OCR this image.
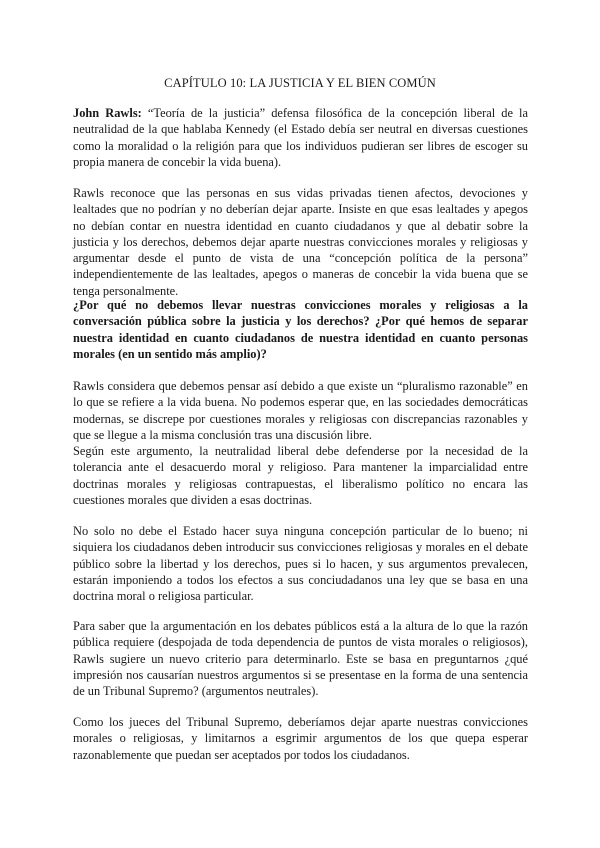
CAPÍTULO 10: LA JUSTICIA Y EL BIEN COMÚN

John Rawls: “Teoría de la justicia” defensa filosófica de la concepción liberal de la neutralidad de la que hablaba Kennedy (el Estado debía ser neutral en diversas cuestiones como la moralidad o la religión para que los individuos pudieran ser libres de escoger su propia manera de concebir la vida buena).

Rawls reconoce que las personas en sus vidas privadas tienen afectos, devociones y lealtades que no podrían y no deberían dejar aparte. Insiste en que esas lealtades y apegos no debían contar en nuestra identidad en cuanto ciudadanos y que al debatir sobre la justicia y los derechos, debemos dejar aparte nuestras convicciones morales y religiosas y argumentar desde el punto de vista de una “concepción política de la persona” independientemente de las lealtades, apegos o maneras de concebir la vida buena que se tenga personalmente.

¿Por qué no debemos llevar nuestras convicciones morales y religiosas a la conversación pública sobre la justicia y los derechos? ¿Por qué hemos de separar nuestra identidad en cuanto ciudadanos de nuestra identidad en cuanto personas morales (en un sentido más amplio)?

Rawls considera que debemos pensar así debido a que existe un “pluralismo razonable” en lo que se refiere a la vida buena. No podemos esperar que, en las sociedades democráticas modernas, se discrepe por cuestiones morales y religiosas con discrepancias razonables y que se llegue a la misma conclusión tras una discusión libre.
Según este argumento, la neutralidad liberal debe defenderse por la necesidad de la tolerancia ante el desacuerdo moral y religioso. Para mantener la imparcialidad entre doctrinas morales y religiosas contrapuestas, el liberalismo político no encara las cuestiones morales que dividen a esas doctrinas.

No solo no debe el Estado hacer suya ninguna concepción particular de lo bueno; ni siquiera los ciudadanos deben introducir sus convicciones religiosas y morales en el debate público sobre la libertad y los derechos, pues si lo hacen, y sus argumentos prevalecen, estarán imponiendo a todos los efectos a sus conciudadanos una ley que se basa en una doctrina moral o religiosa particular.

Para saber que la argumentación en los debates públicos está a la altura de lo que la razón pública requiere (despojada de toda dependencia de puntos de vista morales o religiosos), Rawls sugiere un nuevo criterio para determinarlo. Este se basa en preguntarnos ¿qué impresión nos causarían nuestros argumentos si se presentase en la forma de una sentencia de un Tribunal Supremo? (argumentos neutrales).

Como los jueces del Tribunal Supremo, deberíamos dejar aparte nuestras convicciones morales o religiosas, y limitarnos a esgrimir argumentos de los que quepa esperar razonablemente que puedan ser aceptados por todos los ciudadanos.
